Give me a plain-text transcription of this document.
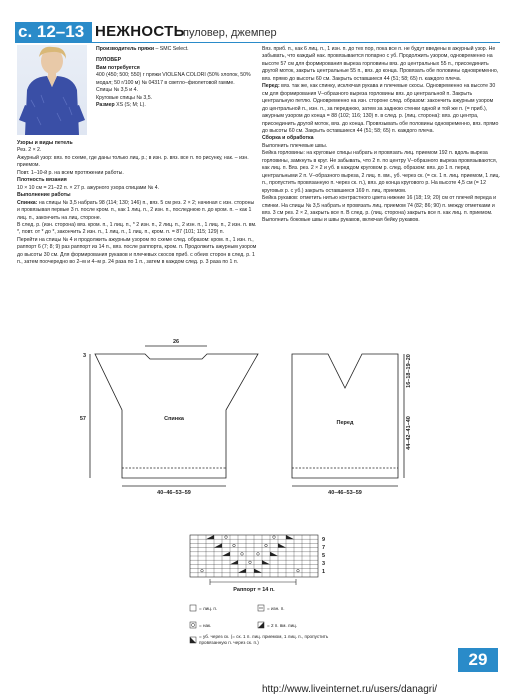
с. 12–13 НЕЖНОСТЬ
пуловер, джемпер

Производитель пряжи – SMC Select.

ПУЛОВЕР

Вам потребуется

400 (450; 500; 550) г пряжи VIOLENA COLORI (50% хлопок, 50% модал; 50 г/100 м) № 04317 в светло–фиолетовой гамме.

Спицы № 3,5 и 4.

Круговые спицы № 3,5.

Размер XS (S; M; L).

Узоры и виды петель

Рез. 2 × 2.

Ажурный узор: вяз. по схеме, где даны только лиц. р.; в изн. р. вяз. все п. по рисунку, нак. – изн. приемом.

Повт. 1–10-й р. на всем протяжении работы.

Плотность вязания

10 × 10 см = 21–22 п. × 27 р. ажурного узора спицами № 4.

Выполнение работы

Спинка: на спицы № 3,5 набрать 98 (114; 130; 146) п., вяз. 5 см рез. 2 × 2; начиная с изн. стороны и провязывая первые 3 п. после кром. п., как 1 лиц. п., 2 изн. п., последнюю п. до кром. п. – как 1 лиц. п., закончить на лиц. стороне.

В след. р. (изн. сторона) вяз. кром. п., 1 лиц. п., * 2 изн. п., 2 лиц. п., 2 изн. п., 1 лиц. п., 2 изн. п. вм. *, повт. от * до *, закончить 2 изн. п., 1 лиц. п., 1 лиц. п., кром. п. = 87 (101; 115; 129) п.

Перейти на спицы № 4 и продолжить ажурным узором по схеме след. образом: кром. п., 1 изн. п., раппорт 6 (7; 8; 9) раз раппорт из 14 п., вяз. после раппорта, кром. п. Продолжить ажурным узором до высоты 30 см. Для формирования рукавов и плечевых скосов приб. с обеих сторон в след. р. 1 п., затем поочередно во 2–м и 4–м р. 24 раза по 1 п., затем в каждом след. р. 3 раза по 1 п.

Вяз. приб. п., как 6 лиц. п., 1 изн. п. до тех пор, пока все п. не будут введены в ажурный узор. Не забывать, что каждый нак. провязывается попарно с уб. Продолжить узором, одновременно на высоте 57 см для формирования выреза горловины вяз. до центральных 55 п., присоединить другой моток, закрыть центральные 55 п., вяз. до конца. Провязать обе половины одновременно, вяз. прямо до высоты 60 см. Закрыть оставшиеся 44 (51; 58; 65) п. каждого плеча.

Перед: вяз. так же, как спинку, исключая рукава и плечевые скосы. Одновременно на высоте 30 см для формирования V–образного выреза горловины вяз. до центральной п. Закрыть центральную петлю. Одновременно на изн. стороне след. образом: закончить ажурным узором до центральной п., изн. п., за переднюю, затем за заднюю стенки одной и той же п. (= приб.), ажурным узором до конца = 88 (102; 116; 130) п. в след. р. (лиц. сторона): вяз. до центра, присоединить другой моток, вяз. до конца. Провязывать обе половины одновременно, вяз. прямо до высоты 60 см. Закрыть оставшиеся 44 (51; 58; 65) п. каждого плеча.

Сборка и обработка

Выполнить плечевые швы.

Бейка горловины: на круговые спицы набрать и провязать лиц. приемом 192 п. вдоль выреза горловины, замкнуть в круг. Не забывать, что 2 п. по центру V–образного выреза провязываются, как лиц. п. Вяз. рез. 2 × 2 и уб. в каждом круговом р. след. образом: вяз. до 1 п. перед центральными 2 п. V–образного выреза, 2 лиц. п. вм., уб. через ск. (= ск. 1 п. лиц. приемом, 1 лиц. п., пропустить провязанную п. через ск. п.), вяз. до конца кругового р. На высоте 4,5 см (= 12 круговых р. с уб.) закрыть оставшиеся 169 п. лиц. приемом.

Бейка рукавов: отметить нитью контрастного цвета нижние 16 (18; 19; 20) см от плечей переда и спинки. На спицы № 3,5 набрать и провязать лиц. приемом 74 (82; 86; 90) п. между отметками и вяз. 3 см рез. 2 × 2, закрыть все п. В след. р. (лиц. сторона) закрыть все п. как лиц. п. приемом.

Выполнить боковые швы и швы рукавов, включая бейку рукавов.

26
3
57	Спинка
40–46–53–59
Перед
40–46–53–59
16–18–19–20
44–42–41–40
9
7
5
3
1
Раппорт = 14 п.
= лиц. п.	= изн. п.
= нак.	= 2 п. вм. лиц.
= уб. через ск. (= ск. 1 п. лиц. приемом, 1 лиц. п., пропустить провязанную п. через ск. п.)
29
http://www.liveinternet.ru/users/danagri/
